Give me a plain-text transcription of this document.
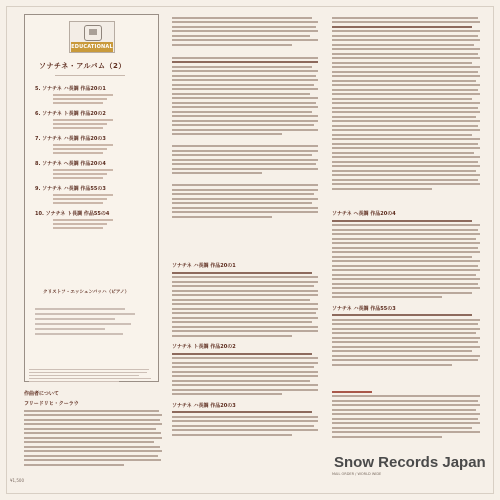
EDUCATIONAL
ソナチネ・アルバム（2）
5. ソナチネ ハ長調 作品20の1
6. ソナチネ ト長調 作品20の2
7. ソナチネ ハ長調 作品20の3
8. ソナチネ ヘ長調 作品20の4
9. ソナチネ ハ長調 作品55の3
10. ソナチネ ト長調 作品55の4
クリストフ・エッシェンバッハ（ピアノ）
作曲者について
フリードリヒ・クーラウ
ソナチネ ハ長調 作品20の1
ソナチネ ト長調 作品20の2
ソナチネ ハ長調 作品20の3
ソナチネ ヘ長調 作品20の4
ソナチネ ハ長調 作品55の3
Snow Records Japan
MAIL ORDER / WORLD WIDE
¥1,500
